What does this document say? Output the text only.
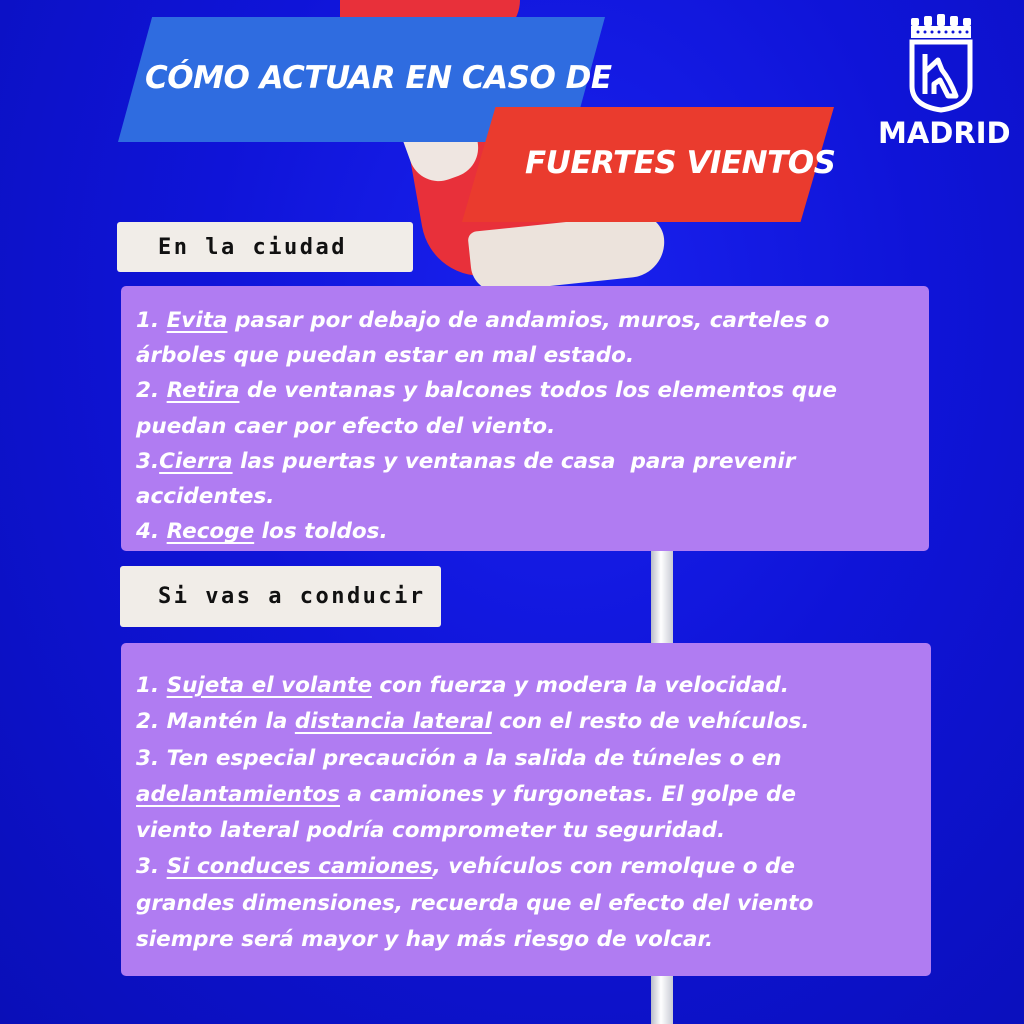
CÓMO ACTUAR EN CASO DE
FUERTES VIENTOS
MADRID
En la ciudad
1. Evita pasar por debajo de andamios, muros, carteles o
árboles que puedan estar en mal estado.
2. Retira de ventanas y balcones todos los elementos que
puedan caer por efecto del viento.
3.Cierra las puertas y ventanas de casa  para prevenir
accidentes.
4. Recoge los toldos.
Si vas a conducir
1. Sujeta el volante con fuerza y modera la velocidad.
2. Mantén la distancia lateral con el resto de vehículos.
3. Ten especial precaución a la salida de túneles o en
adelantamientos a camiones y furgonetas. El golpe de
viento lateral podría comprometer tu seguridad.
3. Si conduces camiones, vehículos con remolque o de
grandes dimensiones, recuerda que el efecto del viento
siempre será mayor y hay más riesgo de volcar.
